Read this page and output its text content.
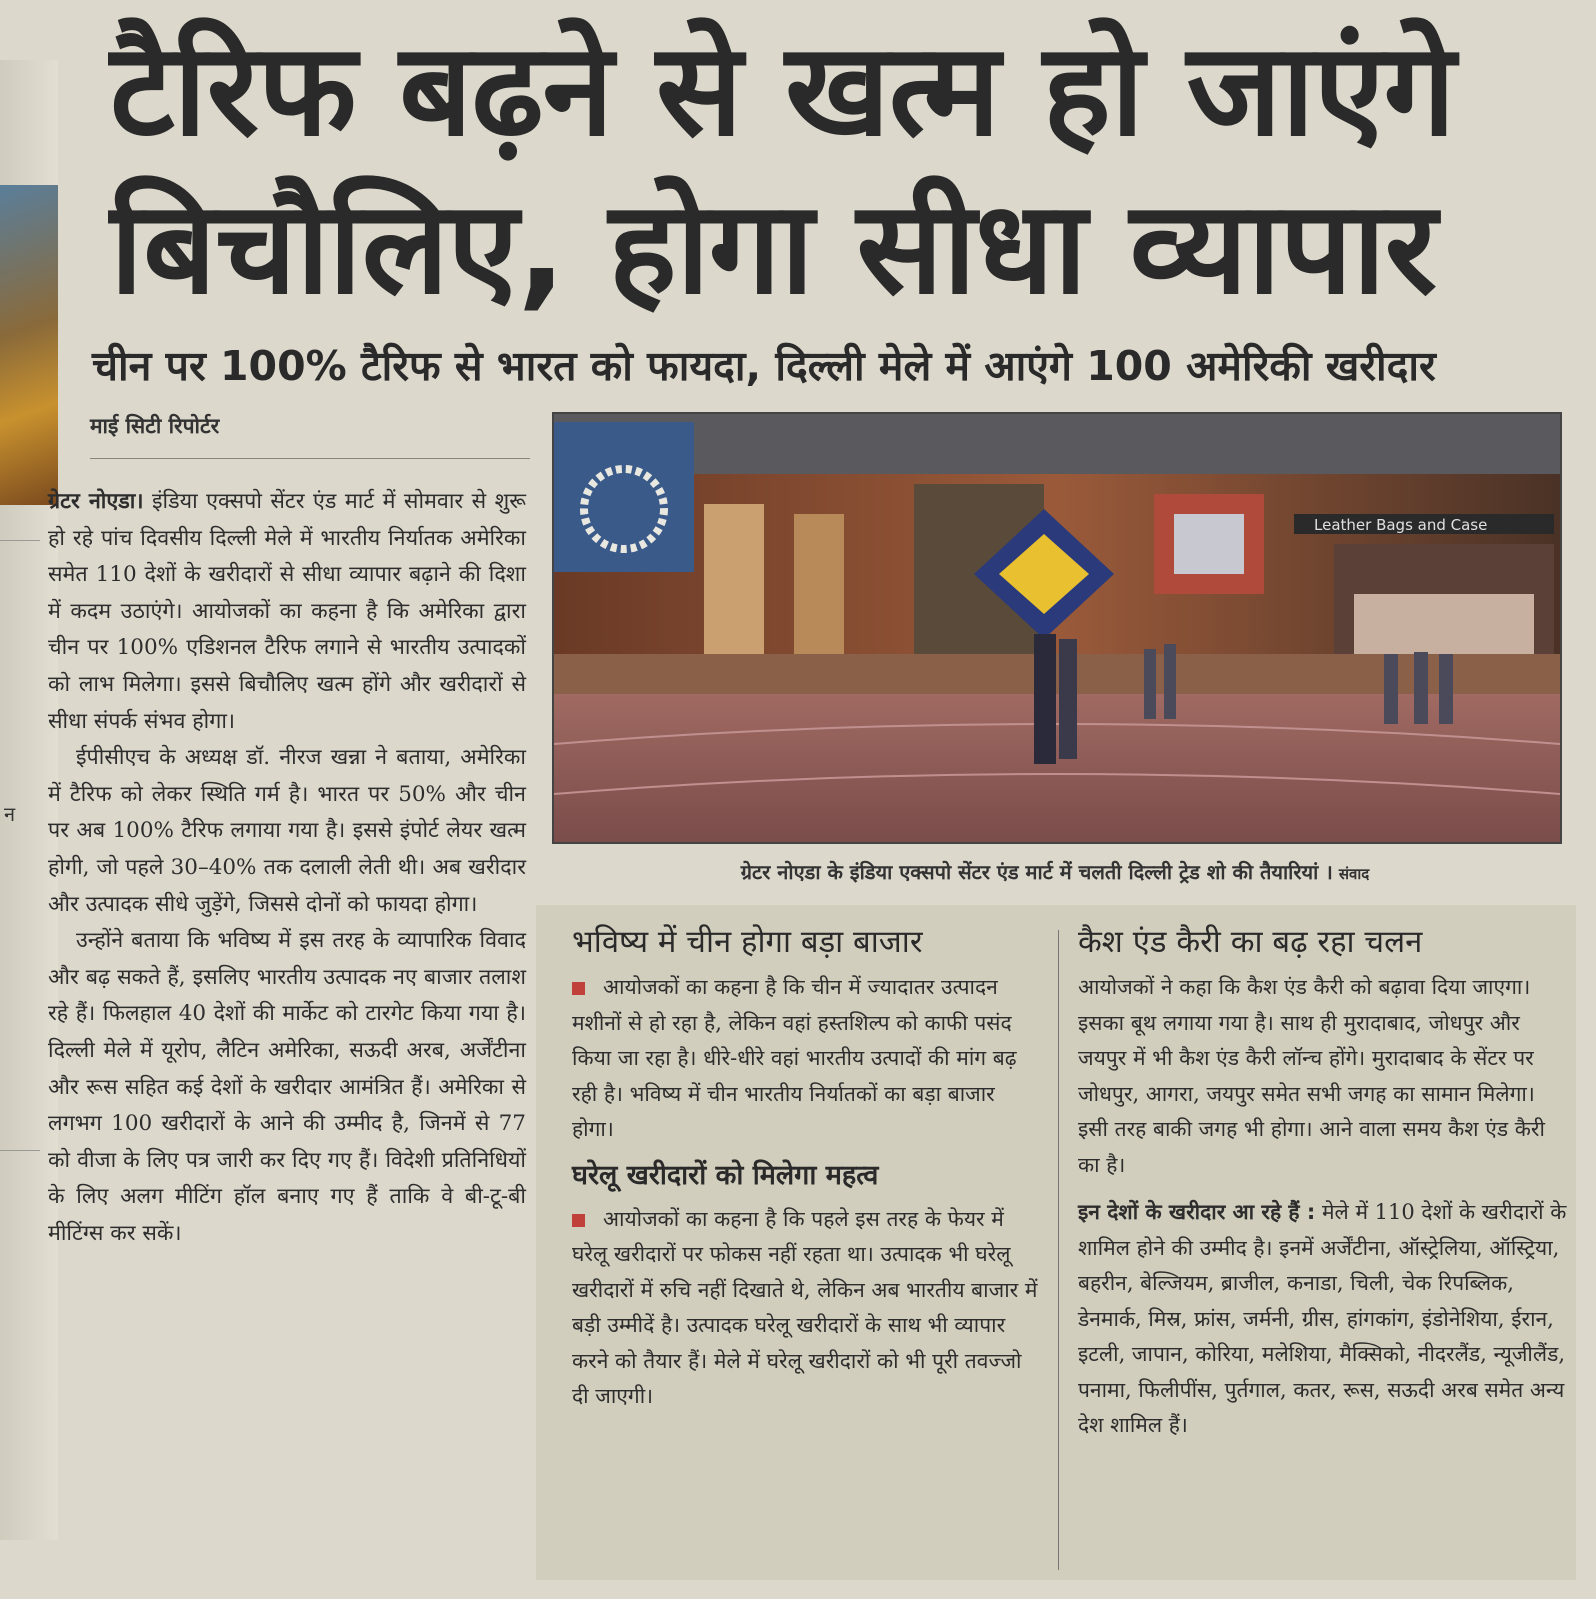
न
टैरिफ बढ़ने से खत्म हो जाएंगे बिचौलिए, होगा सीधा व्यापार
चीन पर 100% टैरिफ से भारत को फायदा, दिल्ली मेले में आएंगे 100 अमेरिकी खरीदार
माई सिटी रिपोर्टर

ग्रेटर नोएडा। इंडिया एक्सपो सेंटर एंड मार्ट में सोमवार से शुरू हो रहे पांच दिवसीय दिल्ली मेले में भारतीय निर्यातक अमेरिका समेत 110 देशों के खरीदारों से सीधा व्यापार बढ़ाने की दिशा में कदम उठाएंगे। आयोजकों का कहना है कि अमेरिका द्वारा चीन पर 100% एडिशनल टैरिफ लगाने से भारतीय उत्पादकों को लाभ मिलेगा। इससे बिचौलिए खत्म होंगे और खरीदारों से सीधा संपर्क संभव होगा।

ईपीसीएच के अध्यक्ष डॉ. नीरज खन्ना ने बताया, अमेरिका में टैरिफ को लेकर स्थिति गर्म है। भारत पर 50% और चीन पर अब 100% टैरिफ लगाया गया है। इससे इंपोर्ट लेयर खत्म होगी, जो पहले 30–40% तक दलाली लेती थी। अब खरीदार और उत्पादक सीधे जुड़ेंगे, जिससे दोनों को फायदा होगा।

उन्होंने बताया कि भविष्य में इस तरह के व्यापारिक विवाद और बढ़ सकते हैं, इसलिए भारतीय उत्पादक नए बाजार तलाश रहे हैं। फिलहाल 40 देशों की मार्केट को टारगेट किया गया है। दिल्ली मेले में यूरोप, लैटिन अमेरिका, सऊदी अरब, अर्जेंटीना और रूस सहित कई देशों के खरीदार आमंत्रित हैं। अमेरिका से लगभग 100 खरीदारों के आने की उम्मीद है, जिनमें से 77 को वीजा के लिए पत्र जारी कर दिए गए हैं। विदेशी प्रतिनिधियों के लिए अलग मीटिंग हॉल बनाए गए हैं ताकि वे बी-टू-बी मीटिंग्स कर सकें।

Leather Bags and Case
ग्रेटर नोएडा के इंडिया एक्सपो सेंटर एंड मार्ट में चलती दिल्ली ट्रेड शो की तैयारियां । संवाद
भविष्य में चीन होगा बड़ा बाजार

आयोजकों का कहना है कि चीन में ज्यादातर उत्पादन मशीनों से हो रहा है, लेकिन वहां हस्तशिल्प को काफी पसंद किया जा रहा है। धीरे-धीरे वहां भारतीय उत्पादों की मांग बढ़ रही है। भविष्य में चीन भारतीय निर्यातकों का बड़ा बाजार होगा।

घरेलू खरीदारों को मिलेगा महत्व

आयोजकों का कहना है कि पहले इस तरह के फेयर में घरेलू खरीदारों पर फोकस नहीं रहता था। उत्पादक भी घरेलू खरीदारों में रुचि नहीं दिखाते थे, लेकिन अब भारतीय बाजार में बड़ी उम्मीदें है। उत्पादक घरेलू खरीदारों के साथ भी व्यापार करने को तैयार हैं। मेले में घरेलू खरीदारों को भी पूरी तवज्जो दी जाएगी।

कैश एंड कैरी का बढ़ रहा चलन

आयोजकों ने कहा कि कैश एंड कैरी को बढ़ावा दिया जाएगा। इसका बूथ लगाया गया है। साथ ही मुरादाबाद, जोधपुर और जयपुर में भी कैश एंड कैरी लॉन्च होंगे। मुरादाबाद के सेंटर पर जोधपुर, आगरा, जयपुर समेत सभी जगह का सामान मिलेगा। इसी तरह बाकी जगह भी होगा। आने वाला समय कैश एंड कैरी का है।

इन देशों के खरीदार आ रहे हैं : मेले में 110 देशों के खरीदारों के शामिल होने की उम्मीद है। इनमें अर्जेंटीना, ऑस्ट्रेलिया, ऑस्ट्रिया, बहरीन, बेल्जियम, ब्राजील, कनाडा, चिली, चेक रिपब्लिक, डेनमार्क, मिस्र, फ्रांस, जर्मनी, ग्रीस, हांगकांग, इंडोनेशिया, ईरान, इटली, जापान, कोरिया, मलेशिया, मैक्सिको, नीदरलैंड, न्यूजीलैंड, पनामा, फिलीपींस, पुर्तगाल, कतर, रूस, सऊदी अरब समेत अन्य देश शामिल हैं।
